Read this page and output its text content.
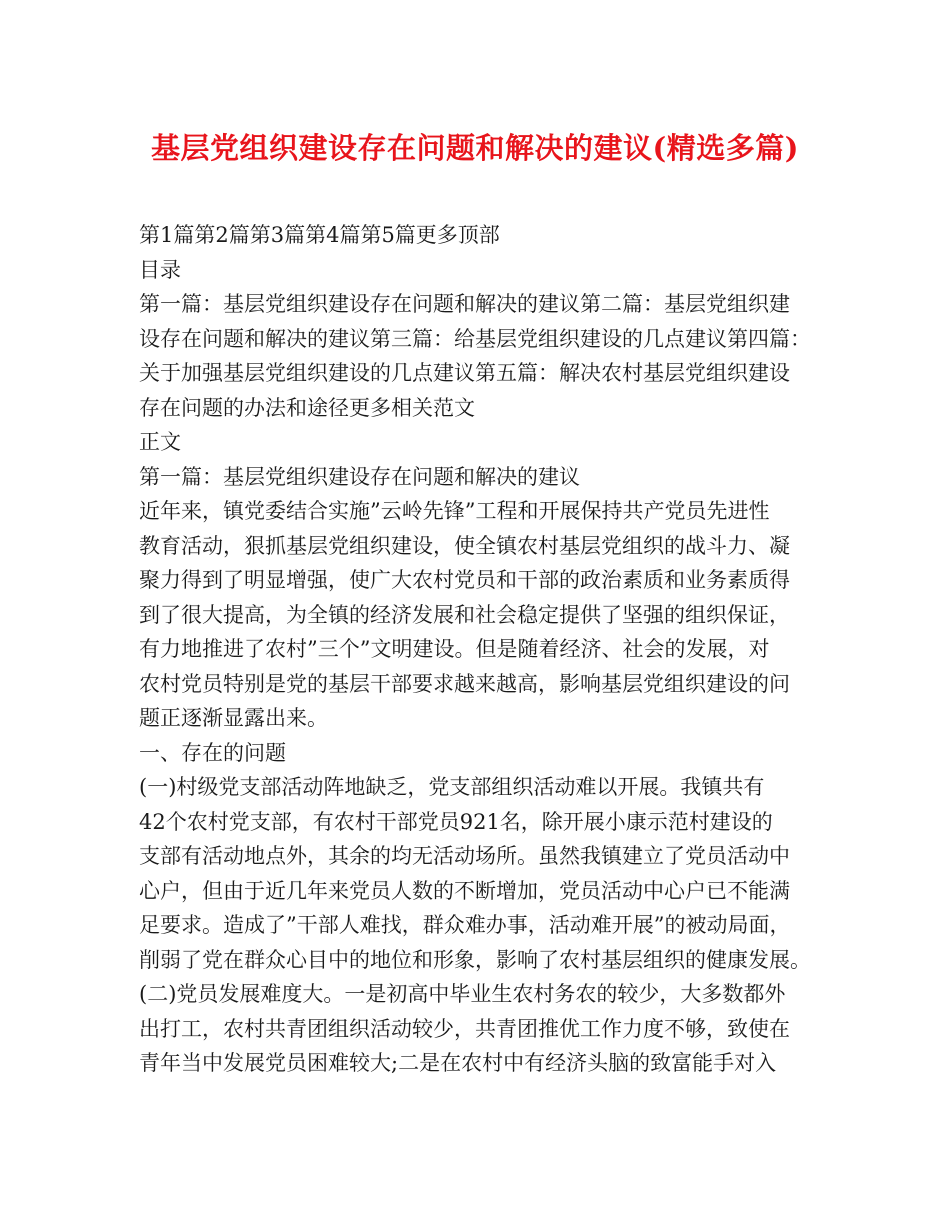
基层党组织建设存在问题和解决的建议(精选多篇)
第1篇第2篇第3篇第4篇第5篇更多顶部
目录
第一篇：基层党组织建设存在问题和解决的建议第二篇：基层党组织建
设存在问题和解决的建议第三篇：给基层党组织建设的几点建议第四篇：
关于加强基层党组织建设的几点建议第五篇：解决农村基层党组织建设
存在问题的办法和途径更多相关范文
正文
第一篇：基层党组织建设存在问题和解决的建议
近年来，镇党委结合实施”云岭先锋”工程和开展保持共产党员先进性
教育活动，狠抓基层党组织建设，使全镇农村基层党组织的战斗力、凝
聚力得到了明显增强，使广大农村党员和干部的政治素质和业务素质得
到了很大提高，为全镇的经济发展和社会稳定提供了坚强的组织保证，
有力地推进了农村”三个”文明建设。但是随着经济、社会的发展，对
农村党员特别是党的基层干部要求越来越高，影响基层党组织建设的问
题正逐渐显露出来。
一、存在的问题
(一)村级党支部活动阵地缺乏，党支部组织活动难以开展。我镇共有
42个农村党支部，有农村干部党员921名，除开展小康示范村建设的
支部有活动地点外，其余的均无活动场所。虽然我镇建立了党员活动中
心户，但由于近几年来党员人数的不断增加，党员活动中心户已不能满
足要求。造成了”干部人难找，群众难办事，活动难开展”的被动局面，
削弱了党在群众心目中的地位和形象，影响了农村基层组织的健康发展。
(二)党员发展难度大。一是初高中毕业生农村务农的较少，大多数都外
出打工，农村共青团组织活动较少，共青团推优工作力度不够，致使在
青年当中发展党员困难较大;二是在农村中有经济头脑的致富能手对入
